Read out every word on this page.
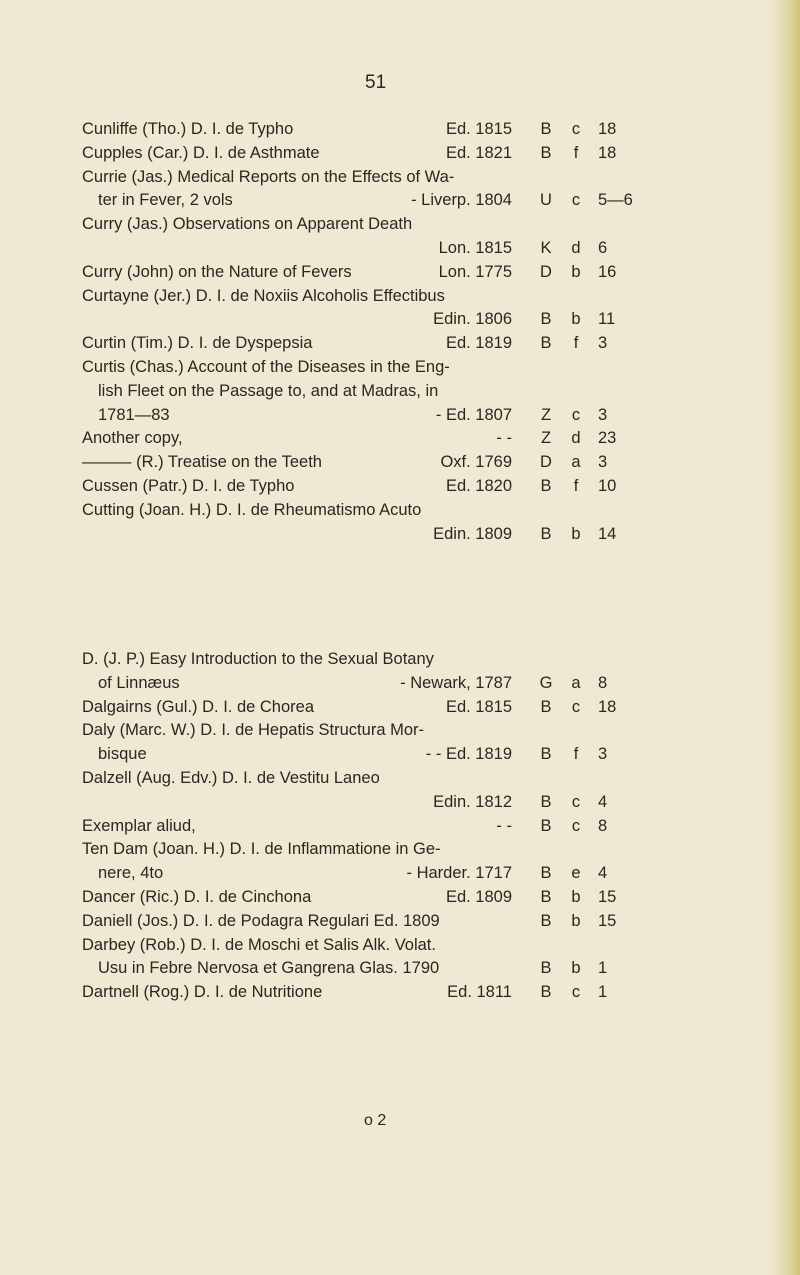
51
Cunliffe (Tho.) D. I. de Typho	Ed. 1815 B c 18
Cupples (Car.) D. I. de Asthmate	Ed. 1821 B	f	18
Currie (Jas.) Medical Reports on the Effects of Wa-
ter in Fever, 2 vols	- Liverp. 1804 U c 5—6
Curry (Jas.) Observations on Apparent Death
Lon. 1815 K d 6
Curry (John) on the Nature of Fevers	Lon. 1775 D b 16
Curtayne (Jer.) D. I. de Noxiis Alcoholis Effectibus
Edin. 1806 B b 11
Curtin (Tim.) D. I. de Dyspepsia	Ed. 1819 B	f	3
Curtis (Chas.) Account of the Diseases in the Eng-
lish Fleet on the Passage to, and at Madras, in
1781—83	- Ed. 1807 Z c 3
Another copy,	- - Z d 23
——— (R.) Treatise on the Teeth	Oxf. 1769 D a 3
Cussen (Patr.) D. I. de Typho	Ed. 1820 B	f	10
Cutting (Joan. H.) D. I. de Rheumatismo Acuto
Edin. 1809 B b 14
D. (J. P.) Easy Introduction to the Sexual Botany
of Linnæus	- Newark, 1787 G a 8
Dalgairns (Gul.) D. I. de Chorea	Ed. 1815 B c 18
Daly (Marc. W.) D. I. de Hepatis Structura Mor-
bisque	- - Ed. 1819 B	f	3
Dalzell (Aug. Edv.) D. I. de Vestitu Laneo
Edin. 1812 B c 4
Exemplar aliud,	- - B c 8
Ten Dam (Joan. H.) D. I. de Inflammatione in Ge-
nere, 4to	- Harder. 1717 B e 4
Dancer (Ric.) D. I. de Cinchona	Ed. 1809 B b 15
Daniell (Jos.) D. I. de Podagra Regulari Ed. 1809	B b 15
Darbey (Rob.) D. I. de Moschi et Salis Alk. Volat.
Usu in Febre Nervosa et Gangrena Glas. 1790	B b 1
Dartnell (Rog.) D. I. de Nutritione	Ed. 1811 B c 1
o 2
